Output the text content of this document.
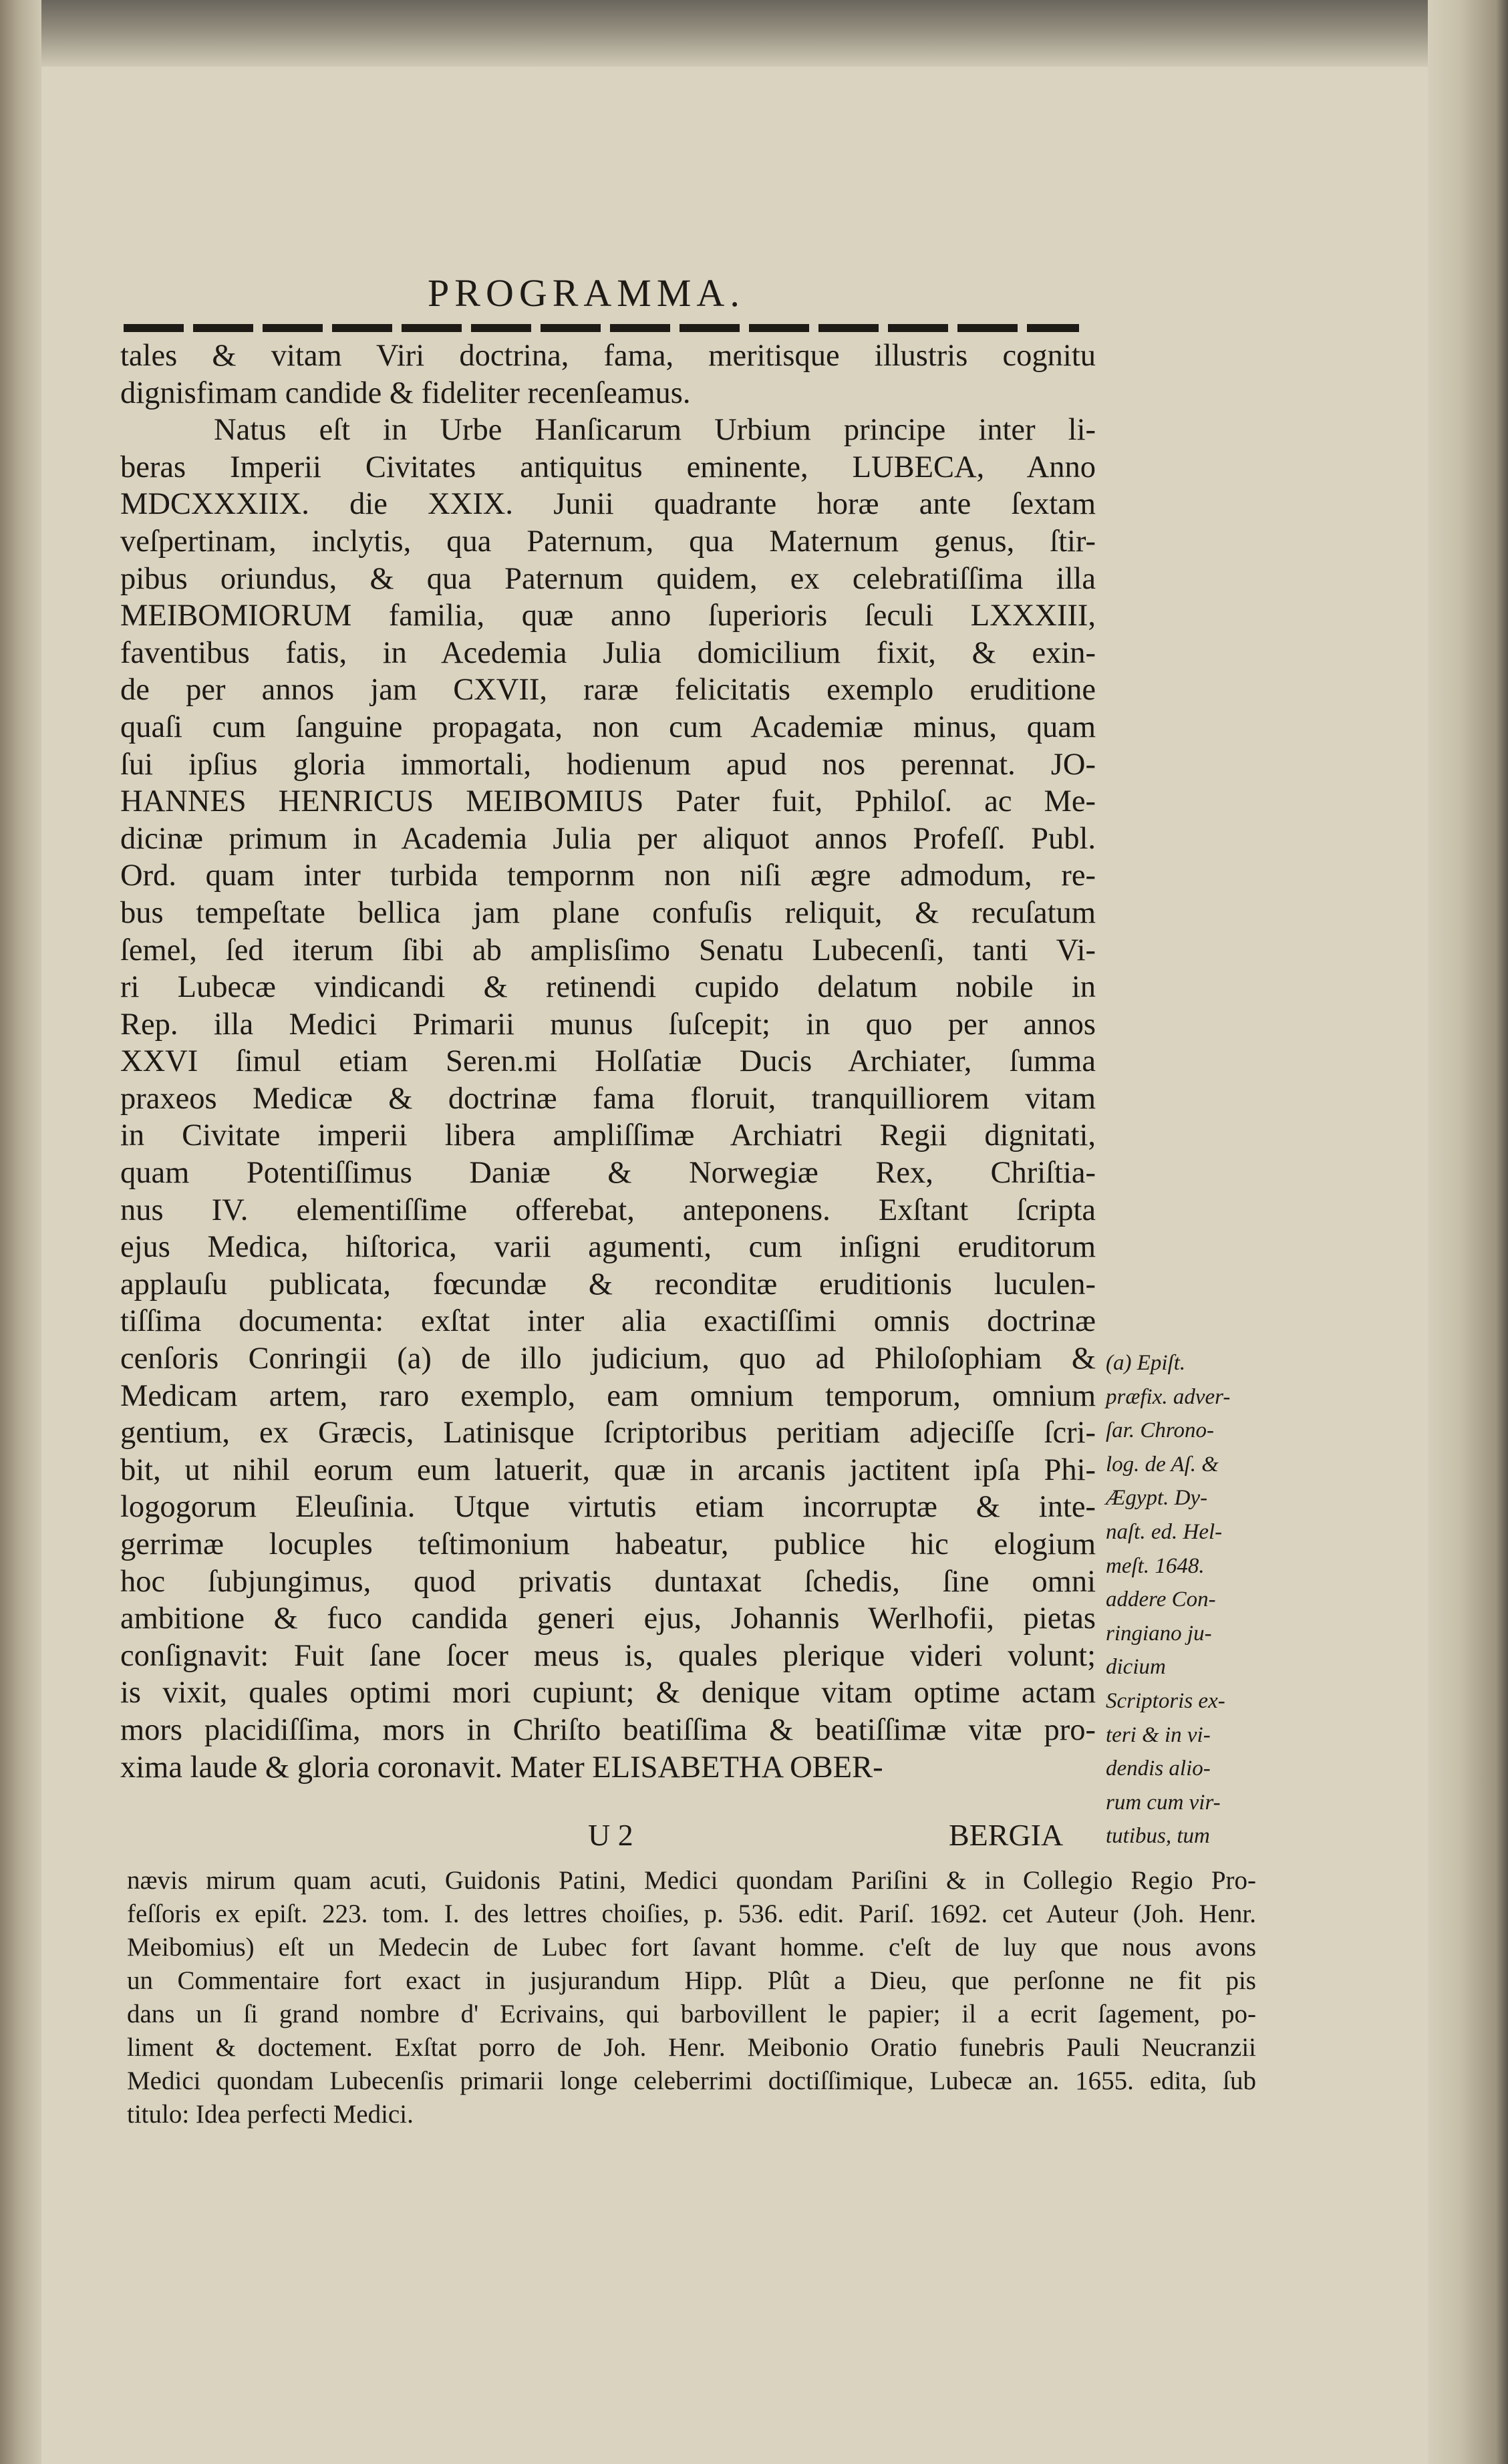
PROGRAMMA.
tales & vitam Viri doctrina, fama, meritisque illustris cognitu
dignisfimam candide & fideliter recenſeamus.
Natus eſt in Urbe Hanſicarum Urbium principe inter li-
beras Imperii Civitates antiquitus eminente, LUBECA, Anno
MDCXXXIIX. die XXIX. Junii quadrante horæ ante ſextam
veſpertinam, inclytis, qua Paternum, qua Maternum genus, ſtir-
pibus oriundus, & qua Paternum quidem, ex celebratiſſima illa
MEIBOMIORUM familia, quæ anno ſuperioris ſeculi LXXXIII,
faventibus fatis, in Acedemia Julia domicilium fixit, & exin-
de per annos jam CXVII, raræ felicitatis exemplo eruditione
quaſi cum ſanguine propagata, non cum Academiæ minus, quam
ſui ipſius gloria immortali, hodienum apud nos perennat. JO-
HANNES HENRICUS MEIBOMIUS Pater fuit, Pphiloſ. ac Me-
dicinæ primum in Academia Julia per aliquot annos Profeſſ. Publ.
Ord. quam inter turbida tempornm non niſi ægre admodum, re-
bus tempeſtate bellica jam plane confuſis reliquit, & recuſatum
ſemel, ſed iterum ſibi ab amplisſimo Senatu Lubecenſi, tanti Vi-
ri Lubecæ vindicandi & retinendi cupido delatum nobile in
Rep. illa Medici Primarii munus ſuſcepit; in quo per annos
XXVI ſimul etiam Seren.mi Holſatiæ Ducis Archiater, ſumma
praxeos Medicæ & doctrinæ fama floruit, tranquilliorem vitam
in Civitate imperii libera ampliſſimæ Archiatri Regii dignitati,
quam Potentiſſimus Daniæ & Norwegiæ Rex, Chriſtia-
nus IV. elementiſſime offerebat, anteponens. Exſtant ſcripta
ejus Medica, hiſtorica, varii agumenti, cum inſigni eruditorum
applauſu publicata, fœcundæ & reconditæ eruditionis luculen-
tiſſima documenta: exſtat inter alia exactiſſimi omnis doctrinæ
cenſoris Conringii (a) de illo judicium, quo ad Philoſophiam &
Medicam artem, raro exemplo, eam omnium temporum, omnium
gentium, ex Græcis, Latinisque ſcriptoribus peritiam adjeciſſe ſcri-
bit, ut nihil eorum eum latuerit, quæ in arcanis jactitent ipſa Phi-
logogorum Eleuſinia. Utque virtutis etiam incorruptæ & inte-
gerrimæ locuples teſtimonium habeatur, publice hic elogium
hoc ſubjungimus, quod privatis duntaxat ſchedis, ſine omni
ambitione & fuco candida generi ejus, Johannis Werlhofii, pietas
conſignavit: Fuit ſane ſocer meus is, quales plerique videri volunt;
is vixit, quales optimi mori cupiunt; & denique vitam optime actam
mors placidiſſima, mors in Chriſto beatiſſima & beatiſſimæ vitæ pro-
xima laude & gloria coronavit. Mater ELISABETHA OBER-
(a) Epiſt.
præfix. adver-
ſar. Chrono-
log. de Aſ. &
Ægypt. Dy-
naſt. ed. Hel-
meſt. 1648.
addere Con-
ringiano ju-
dicium
Scriptoris ex-
teri & in vi-
dendis alio-
rum cum vir-
tutibus, tum
U 2	BERGIA
nævis mirum quam acuti, Guidonis Patini, Medici quondam Pariſini & in Collegio Regio Pro-
feſſoris ex epiſt. 223. tom. I. des lettres choiſies, p. 536. edit. Pariſ. 1692. cet Auteur (Joh. Henr.
Meibomius) eſt un Medecin de Lubec fort ſavant homme. c'eſt de luy que nous avons
un Commentaire fort exact in jusjurandum Hipp. Plût a Dieu, que perſonne ne fit pis
dans un ſi grand nombre d' Ecrivains, qui barbovillent le papier; il a ecrit ſagement, po-
liment & doctement. Exſtat porro de Joh. Henr. Meibonio Oratio funebris Pauli Neucranzii
Medici quondam Lubecenſis primarii longe celeberrimi doctiſſimique, Lubecæ an. 1655. edita, ſub
titulo: Idea perfecti Medici.
